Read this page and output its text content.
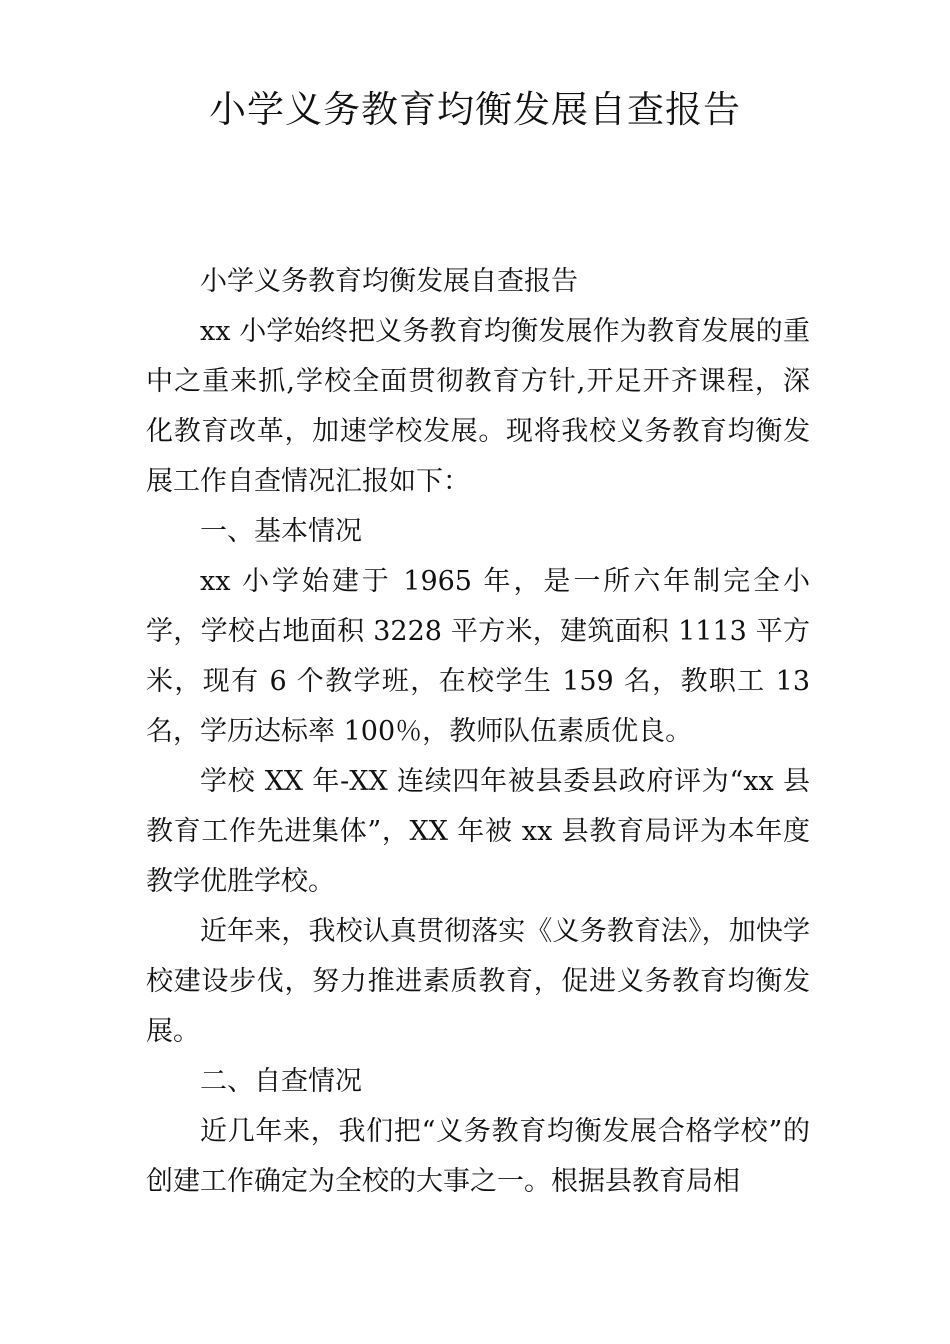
小学义务教育均衡发展自查报告

小学义务教育均衡发展自查报告

xx 小学始终把义务教育均衡发展作为教育发展的重中之重来抓,学校全面贯彻教育方针,开足开齐课程，深化教育改革，加速学校发展。现将我校义务教育均衡发展工作自查情况汇报如下：

一、基本情况

xx 小学始建于 1965 年，是一所六年制完全小学，学校占地面积 3228 平方米，建筑面积 1113 平方米，现有 6 个教学班，在校学生 159 名，教职工 13 名，学历达标率 100％，教师队伍素质优良。

学校 XX 年-XX 连续四年被县委县政府评为“xx 县教育工作先进集体”，XX 年被 xx 县教育局评为本年度教学优胜学校。

近年来，我校认真贯彻落实《义务教育法》，加快学校建设步伐，努力推进素质教育，促进义务教育均衡发展。

二、自查情况

近几年来，我们把“义务教育均衡发展合格学校”的创建工作确定为全校的大事之一。根据县教育局相
